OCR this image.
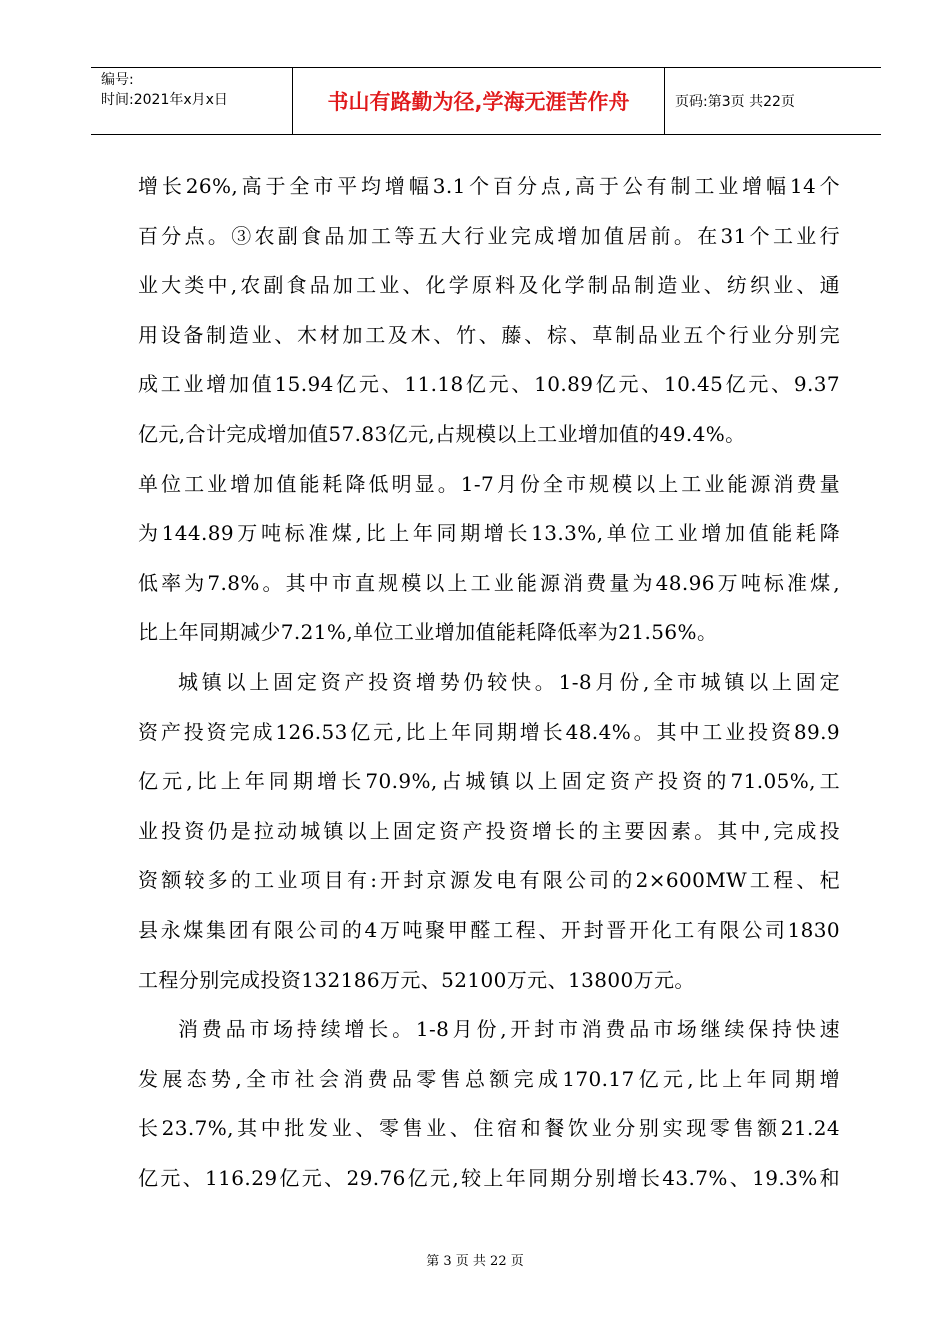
编号:
时间:2021年x月x日	书山有路勤为径,学海无涯苦作舟	页码:第3页 共22页
增长26%,高于全市平均增幅3.1个百分点,高于公有制工业增幅14个
百分点。③农副食品加工等五大行业完成增加值居前。在31个工业行
业大类中,农副食品加工业、化学原料及化学制品制造业、纺织业、通
用设备制造业、木材加工及木、竹、藤、棕、草制品业五个行业分别完
成工业增加值15.94亿元、11.18亿元、10.89亿元、10.45亿元、9.37
亿元,合计完成增加值57.83亿元,占规模以上工业增加值的49.4%。
单位工业增加值能耗降低明显。1-7月份全市规模以上工业能源消费量
为144.89万吨标准煤,比上年同期增长13.3%,单位工业增加值能耗降
低率为7.8%。其中市直规模以上工业能源消费量为48.96万吨标准煤,
比上年同期减少7.21%,单位工业增加值能耗降低率为21.56%。
城镇以上固定资产投资增势仍较快。1-8月份,全市城镇以上固定
资产投资完成126.53亿元,比上年同期增长48.4%。其中工业投资89.9
亿元,比上年同期增长70.9%,占城镇以上固定资产投资的71.05%,工
业投资仍是拉动城镇以上固定资产投资增长的主要因素。其中,完成投
资额较多的工业项目有:开封京源发电有限公司的2×600MW工程、杞
县永煤集团有限公司的4万吨聚甲醛工程、开封晋开化工有限公司1830
工程分别完成投资132186万元、52100万元、13800万元。
消费品市场持续增长。1-8月份,开封市消费品市场继续保持快速
发展态势,全市社会消费品零售总额完成170.17亿元,比上年同期增
长23.7%,其中批发业、零售业、住宿和餐饮业分别实现零售额21.24
亿元、116.29亿元、29.76亿元,较上年同期分别增长43.7%、19.3%和
第 3 页 共 22 页
